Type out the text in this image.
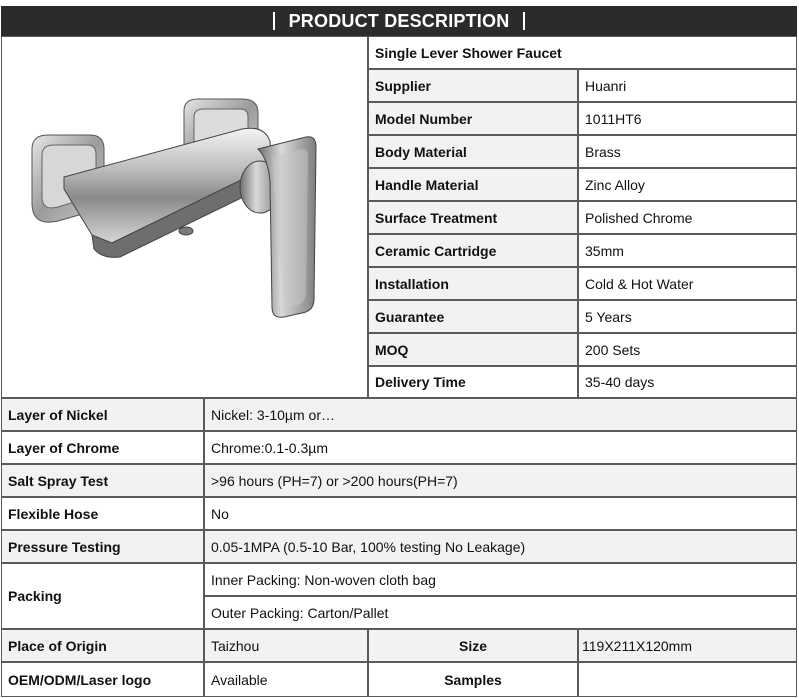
PRODUCT DESCRIPTION
Single Lever Shower Faucet
Supplier	Huanri
Model Number	1011HT6
Body Material	Brass
Handle Material	Zinc Alloy
Surface Treatment	Polished Chrome
Ceramic Cartridge	35mm
Installation	Cold & Hot Water
Guarantee	5 Years
MOQ	200 Sets
Delivery Time	35-40 days
Layer of Nickel	Nickel: 3-10µm or…
Layer of Chrome	Chrome:0.1-0.3µm
Salt Spray Test	>96 hours (PH=7) or >200 hours(PH=7)
Flexible Hose	No
Pressure Testing	0.05-1MPA (0.5-10 Bar, 100% testing No Leakage)
Packing
Inner Packing: Non-woven cloth bag
Outer Packing: Carton/Pallet
Place of Origin	Taizhou	Size	119X211X120mm
OEM/ODM/Laser logo	Available	Samples
